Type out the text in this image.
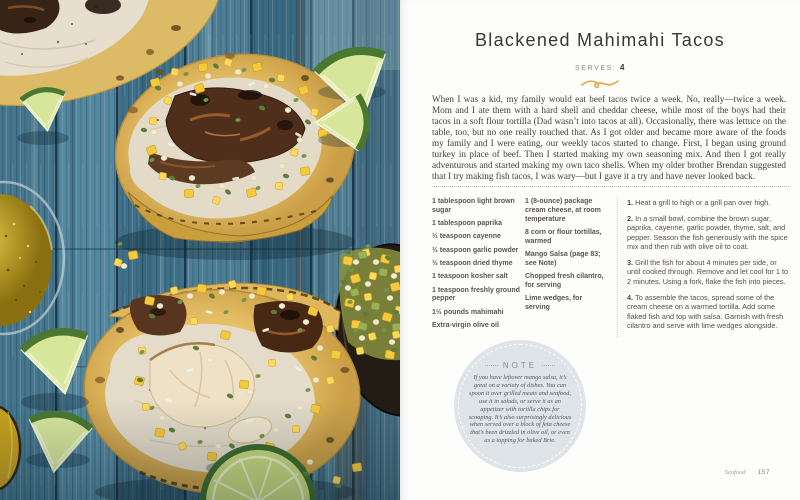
Blackened Mahimahi Tacos
SERVES: 4

When I was a kid, my family would eat beef tacos twice a week. No, really—twice a week. Mom and I ate them with a hard shell and cheddar cheese, while most of the boys had their tacos in a soft flour tortilla (Dad wasn’t into tacos at all). Occasionally, there was lettuce on the table, too, but no one really touched that. As I got older and became more aware of the foods my family and I were eating, our weekly tacos started to change. First, I began using ground turkey in place of beef. Then I started making my own seasoning mix. And then I got really adventurous and started making my own taco shells. When my older brother Brendan suggested that I try making fish tacos, I was wary—but I gave it a try and have never looked back.

1 tablespoon light brown sugar

1 tablespoon paprika

½ teaspoon cayenne

½ teaspoon garlic powder

½ teaspoon dried thyme

1 teaspoon kosher salt

1 teaspoon freshly ground pepper

1½ pounds mahimahi

Extra-virgin olive oil

1 (8-ounce) package cream cheese, at room temperature

8 corn or flour tortillas, warmed

Mango Salsa (page 83; see Note)

Chopped fresh cilantro, for serving

Lime wedges, for serving

1. Heat a grill to high or a grill pan over high.

2. In a small bowl, combine the brown sugar, paprika, cayenne, garlic powder, thyme, salt, and pepper. Season the fish generously with the spice mix and then rub with olive oil to coat.

3. Grill the fish for about 4 minutes per side, or until cooked through. Remove and let cool for 1 to 2 minutes. Using a fork, flake the fish into pieces.

4. To assemble the tacos, spread some of the cream cheese on a warmed tortilla. Add some flaked fish and top with salsa. Garnish with fresh cilantro and serve with lime wedges alongside.

NOTE
If you have leftover mango salsa, it’s great on a variety of dishes. You can spoon it over grilled meats and seafood, use it in salads, or serve it as an appetizer with tortilla chips for scooping. It’s also surprisingly delicious when served over a block of feta cheese that’s been drizzled in olive oil, or even as a topping for baked Brie.
Seafood 157
